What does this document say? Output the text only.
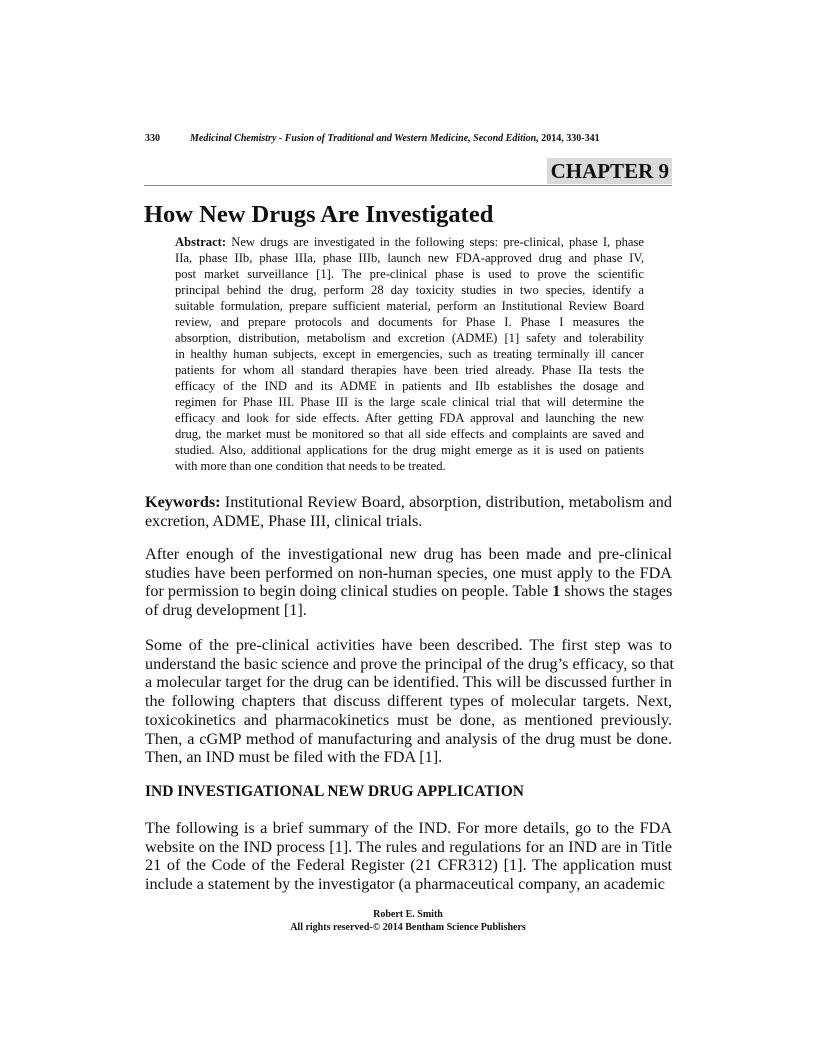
330	Medicinal Chemistry - Fusion of Traditional and Western Medicine, Second Edition, 2014, 330-341
CHAPTER 9
How New Drugs Are Investigated
Abstract: New drugs are investigated in the following steps: pre-clinical, phase I, phase
IIa, phase IIb, phase IIIa, phase IIIb, launch new FDA-approved drug and phase IV,
post market surveillance [1]. The pre-clinical phase is used to prove the scientific
principal behind the drug, perform 28 day toxicity studies in two species, identify a
suitable formulation, prepare sufficient material, perform an Institutional Review Board
review, and prepare protocols and documents for Phase I. Phase I measures the
absorption, distribution, metabolism and excretion (ADME) [1] safety and tolerability
in healthy human subjects, except in emergencies, such as treating terminally ill cancer
patients for whom all standard therapies have been tried already. Phase IIa tests the
efficacy of the IND and its ADME in patients and IIb establishes the dosage and
regimen for Phase III. Phase III is the large scale clinical trial that will determine the
efficacy and look for side effects. After getting FDA approval and launching the new
drug, the market must be monitored so that all side effects and complaints are saved and
studied. Also, additional applications for the drug might emerge as it is used on patients
with more than one condition that needs to be treated.
Keywords: Institutional Review Board, absorption, distribution, metabolism and
excretion, ADME, Phase III, clinical trials.
After enough of the investigational new drug has been made and pre-clinical
studies have been performed on non-human species, one must apply to the FDA
for permission to begin doing clinical studies on people. Table 1 shows the stages
of drug development [1].
Some of the pre-clinical activities have been described. The first step was to
understand the basic science and prove the principal of the drug’s efficacy, so that
a molecular target for the drug can be identified. This will be discussed further in
the following chapters that discuss different types of molecular targets. Next,
toxicokinetics and pharmacokinetics must be done, as mentioned previously.
Then, a cGMP method of manufacturing and analysis of the drug must be done.
Then, an IND must be filed with the FDA [1].
IND INVESTIGATIONAL NEW DRUG APPLICATION
The following is a brief summary of the IND. For more details, go to the FDA
website on the IND process [1]. The rules and regulations for an IND are in Title
21 of the Code of the Federal Register (21 CFR312) [1]. The application must
include a statement by the investigator (a pharmaceutical company, an academic
Robert E. Smith
All rights reserved-© 2014 Bentham Science Publishers
